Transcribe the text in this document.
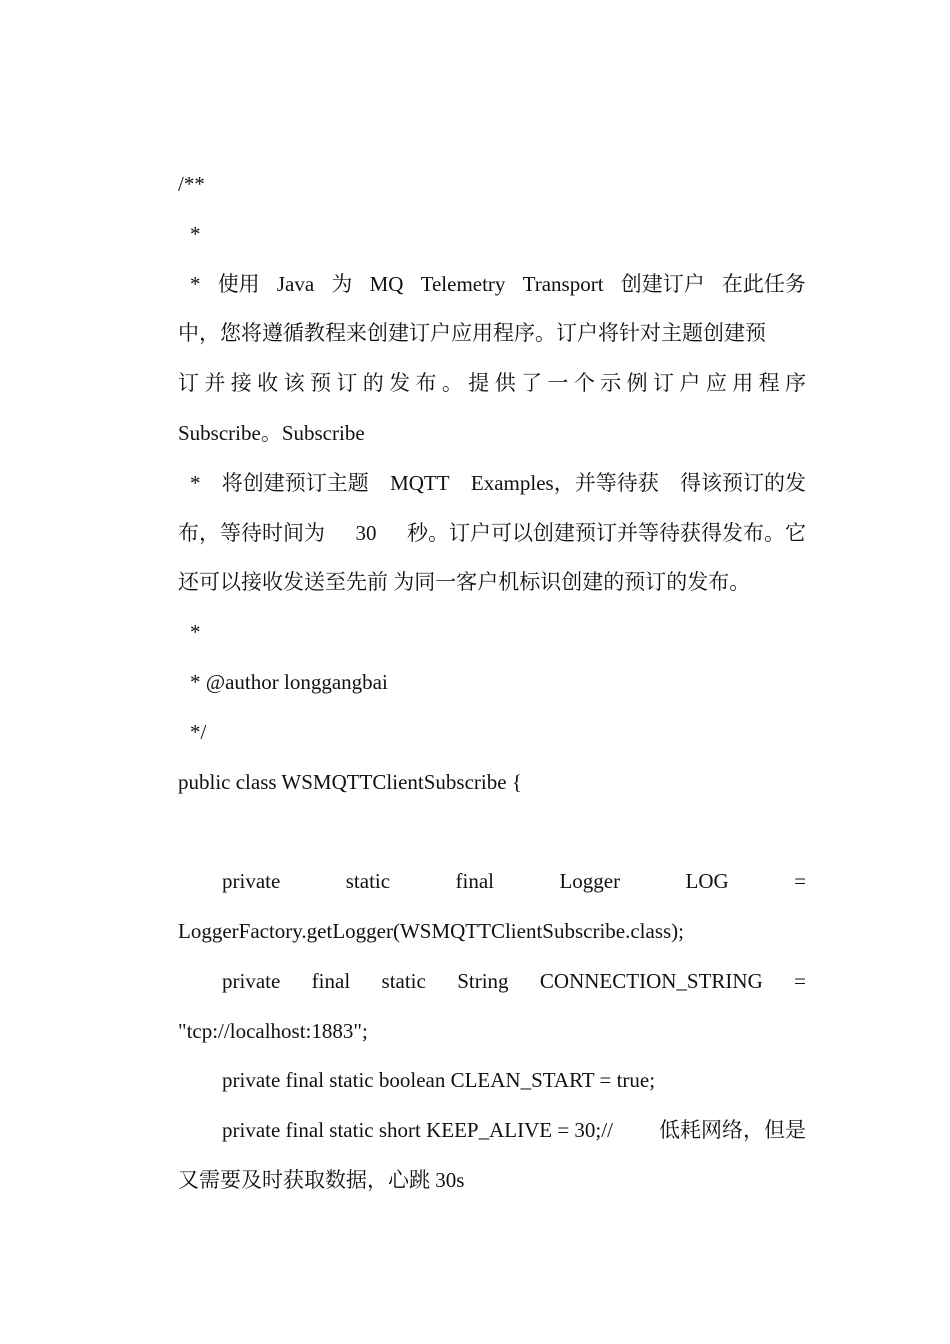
/**
*
* 使用 Java 为 MQ Telemetry Transport 创建订户 在此任务
中，您将遵循教程来创建订户应用程序。订户将针对主题创建预
订 并 接 收 该 预 订 的 发 布 。 提 供 了 一 个 示 例 订 户 应 用 程 序
Subscribe。Subscribe
* 将创建预订主题 MQTT Examples，并等待获 得该预订的发
布，等待时间为 30 秒。订户可以创建预订并等待获得发布。它
还可以接收发送至先前 为同一客户机标识创建的预订的发布。
*
* @author longgangbai
*/
public class WSMQTTClientSubscribe {
private	static	final	Logger	LOG	=
LoggerFactory.getLogger(WSMQTTClientSubscribe.class);
private final static String CONNECTION_STRING =
"tcp://localhost:1883";
private final static boolean CLEAN_START = true;
private final static short KEEP_ALIVE = 30;// 低耗网络，但是
又需要及时获取数据，心跳 30s
